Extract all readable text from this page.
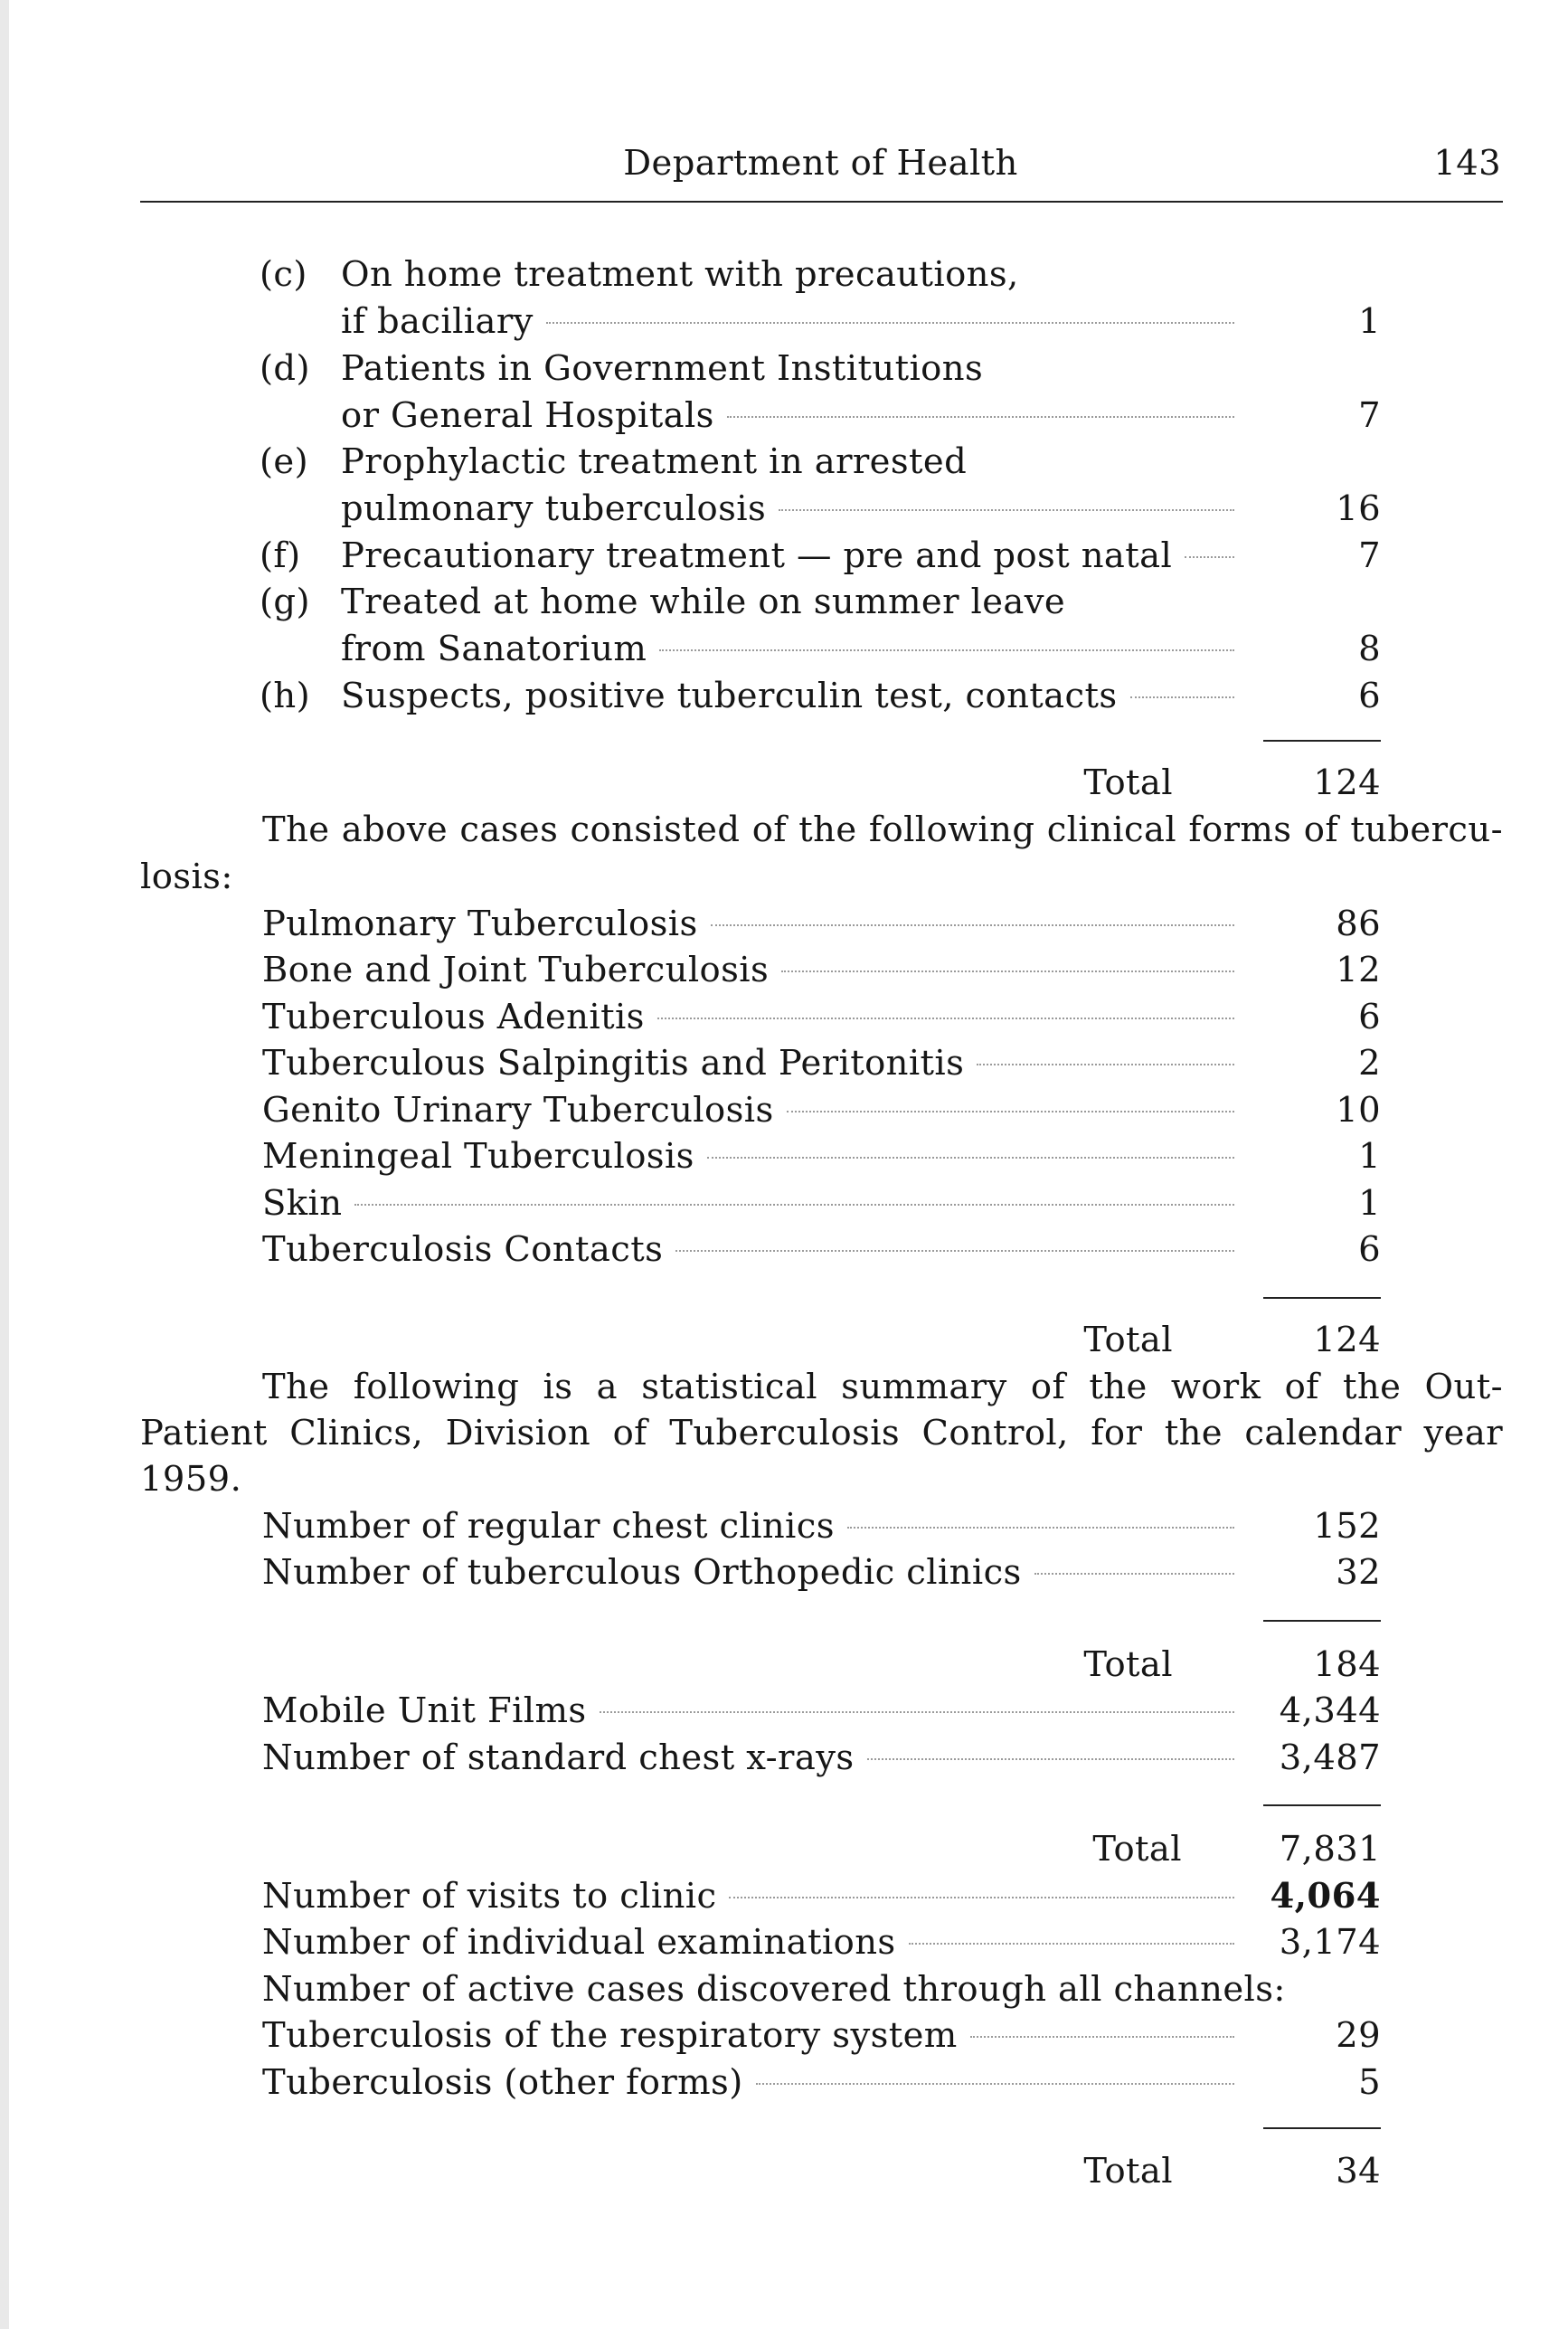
Department of Health	143
(c) On home treatment with precautions,
if baciliary	1
(d) Patients in Government Institutions
or General Hospitals	7
(e) Prophylactic treatment in arrested
pulmonary tuberculosis	16
(f)	Precautionary treatment — pre and post natal	7
(g) Treated at home while on summer leave
from Sanatorium	8
(h) Suspects, positive tuberculin test, contacts	6
Total	124
The above cases consisted of the following clinical forms of tubercu-
losis:
Pulmonary Tuberculosis	86
Bone and Joint Tuberculosis	12
Tuberculous Adenitis	6
Tuberculous Salpingitis and Peritonitis	2
Genito Urinary Tuberculosis	10
Meningeal Tuberculosis	1
Skin	1
Tuberculosis Contacts	6
Total	124
The following is a statistical summary of the work of the Out-
Patient Clinics, Division of Tuberculosis Control, for the calendar year
1959.
Number of regular chest clinics	152
Number of tuberculous Orthopedic clinics	32
Total	184
Mobile Unit Films	4,344
Number of standard chest x-rays	3,487
Total	7,831
Number of visits to clinic	4,064
Number of individual examinations	3,174
Number of active cases discovered through all channels:
Tuberculosis of the respiratory system	29
Tuberculosis (other forms)	5
Total	34
